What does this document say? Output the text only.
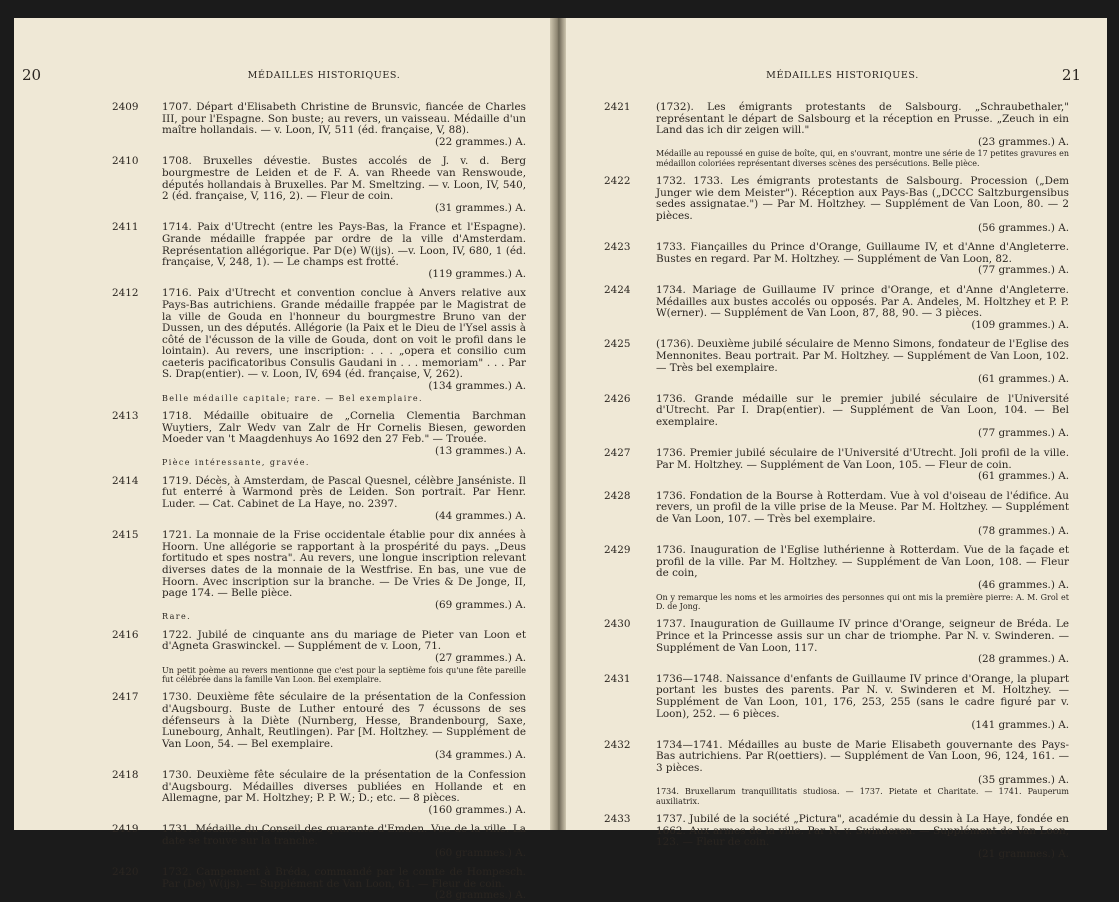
20	MÉDAILLES HISTORIQUES.
2409	1707. Départ d'Elisabeth Christine de Brunsvic, fiancée de Charles III, pour l'Espagne. Son buste; au revers, un vaisseau. Médaille d'un maître hollandais. — v. Loon, IV, 511 (éd. française, V, 88).
(22 grammes.) A.
2410	1708. Bruxelles dévestie. Bustes accolés de J. v. d. Berg bourgmestre de Leiden et de F. A. van Rheede van Renswoude, députés hollandais à Bruxelles. Par M. Smeltzing. — v. Loon, IV, 540, 2 (éd. française, V, 116, 2). — Fleur de coin.
(31 grammes.) A.
2411	1714. Paix d'Utrecht (entre les Pays-Bas, la France et l'Espagne). Grande médaille frappée par ordre de la ville d'Amsterdam. Représentation allégorique. Par D(e) W(ijs). —v. Loon, IV, 680, 1 (éd. française, V, 248, 1). — Le champs est frotté.
(119 grammes.) A.
2412	1716. Paix d'Utrecht et convention conclue à Anvers relative aux Pays-Bas autrichiens. Grande médaille frappée par le Magistrat de la ville de Gouda en l'honneur du bourgmestre Bruno van der Dussen, un des députés. Allégorie (la Paix et le Dieu de l'Ysel assis à côté de l'écusson de la ville de Gouda, dont on voit le profil dans le lointain). Au revers, une inscription: . . . „opera et consilio cum caeteris pacificatoribus Consulis Gaudani in . . . memoriam" . . . Par S. Drap(entier). — v. Loon, IV, 694 (éd. française, V, 262).
(134 grammes.) A.
Belle médaille capitale; rare. — Bel exemplaire.
2413	1718. Médaille obituaire de „Cornelia Clementia Barchman Wuytiers, Zalr Wedv van Zalr de Hr Cornelis Biesen, geworden Moeder van 't Maagdenhuys Ao 1692 den 27 Feb." — Trouée.
(13 grammes.) A.
Pièce intéressante, gravée.
2414	1719. Décès, à Amsterdam, de Pascal Quesnel, célèbre Janséniste. Il fut enterré à Warmond près de Leiden. Son portrait. Par Henr. Luder. — Cat. Cabinet de La Haye, no. 2397.
(44 grammes.) A.
2415	1721. La monnaie de la Frise occidentale établie pour dix années à Hoorn. Une allégorie se rapportant à la prospérité du pays. „Deus fortitudo et spes nostra". Au revers, une longue inscription relevant diverses dates de la monnaie de la Westfrise. En bas, une vue de Hoorn. Avec inscription sur la branche. — De Vries & De Jonge, II, page 174. — Belle pièce.
(69 grammes.) A.
Rare.
2416	1722. Jubilé de cinquante ans du mariage de Pieter van Loon et d'Agneta Graswinckel. — Supplément de v. Loon, 71.
(27 grammes.) A.
Un petit poème au revers mentionne que c'est pour la septième fois qu'une fête pareille fut célébrée dans la famille Van Loon. Bel exemplaire.
2417	1730. Deuxième fête séculaire de la présentation de la Confession d'Augsbourg. Buste de Luther entouré des 7 écussons de ses défenseurs à la Diète (Nurnberg, Hesse, Brandenbourg, Saxe, Lunebourg, Anhalt, Reutlingen). Par [M. Holtzhey. — Supplément de Van Loon, 54. — Bel exemplaire.
(34 grammes.) A.
2418	1730. Deuxième fête séculaire de la présentation de la Confession d'Augsbourg. Médailles diverses publiées en Hollande et en Allemagne, par M. Holtzhey; P. P. W.; D.; etc. — 8 pièces.
(160 grammes.) A.
2419	1731. Médaille du Conseil des quarante d'Emden. Vue de la ville. La date se trouve sur la tranche.
(60 grammes.) A.
2420	1732. Campement à Bréda, commandé par le comte de Hompesch. Par (De) W(ijs). — Supplément de Van Loon, 61. — Fleur de coin.
(28 grammes.) A.
MÉDAILLES HISTORIQUES.	21
2421	(1732). Les émigrants protestants de Salsbourg. „Schraubethaler," représentant le départ de Salsbourg et la réception en Prusse. „Zeuch in ein Land das ich dir zeigen will."
(23 grammes.) A.
Médaille au repoussé en guise de boîte, qui, en s'ouvrant, montre une série de 17 petites gravures en médaillon coloriées représentant diverses scènes des persécutions. Belle pièce.
2422	1732. 1733. Les émigrants protestants de Salsbourg. Procession („Dem Junger wie dem Meister"). Réception aux Pays-Bas („DCCC Saltzburgensibus sedes assignatae.") — Par M. Holtzhey. — Supplément de Van Loon, 80. — 2 pièces.
(56 grammes.) A.
2423	1733. Fiançailles du Prince d'Orange, Guillaume IV, et d'Anne d'Angleterre. Bustes en regard. Par M. Holtzhey. — Supplément de Van Loon, 82.
(77 grammes.) A.
2424	1734. Mariage de Guillaume IV prince d'Orange, et d'Anne d'Angleterre. Médailles aux bustes accolés ou opposés. Par A. Andeles, M. Holtzhey et P. P. W(erner). — Supplément de Van Loon, 87, 88, 90. — 3 pièces.
(109 grammes.) A.
2425	(1736). Deuxième jubilé séculaire de Menno Simons, fondateur de l'Eglise des Mennonites. Beau portrait. Par M. Holtzhey. — Supplément de Van Loon, 102. — Très bel exemplaire.
(61 grammes.) A.
2426	1736. Grande médaille sur le premier jubilé séculaire de l'Université d'Utrecht. Par I. Drap(entier). — Supplément de Van Loon, 104. — Bel exemplaire.
(77 grammes.) A.
2427	1736. Premier jubilé séculaire de l'Université d'Utrecht. Joli profil de la ville. Par M. Holtzhey. — Supplément de Van Loon, 105. — Fleur de coin.
(61 grammes.) A.
2428	1736. Fondation de la Bourse à Rotterdam. Vue à vol d'oiseau de l'édifice. Au revers, un profil de la ville prise de la Meuse. Par M. Holtzhey. — Supplément de Van Loon, 107. — Très bel exemplaire.
(78 grammes.) A.
2429	1736. Inauguration de l'Eglise luthérienne à Rotterdam. Vue de la façade et profil de la ville. Par M. Holtzhey. — Supplément de Van Loon, 108. — Fleur de coin,
(46 grammes.) A.
On y remarque les noms et les armoiries des personnes qui ont mis la première pierre: A. M. Grol et D. de Jong.
2430	1737. Inauguration de Guillaume IV prince d'Orange, seigneur de Bréda. Le Prince et la Princesse assis sur un char de triomphe. Par N. v. Swinderen. — Supplément de Van Loon, 117.
(28 grammes.) A.
2431	1736—1748. Naissance d'enfants de Guillaume IV prince d'Orange, la plupart portant les bustes des parents. Par N. v. Swinderen et M. Holtzhey. — Supplément de Van Loon, 101, 176, 253, 255 (sans le cadre figuré par v. Loon), 252. — 6 pièces.
(141 grammes.) A.
2432	1734—1741. Médailles au buste de Marie Elisabeth gouvernante des Pays-Bas autrichiens. Par R(oettiers). — Supplément de Van Loon, 96, 124, 161. — 3 pièces.
(35 grammes.) A.
1734. Bruxellarum tranquillitatis studiosa. — 1737. Pietate et Charitate. — 1741. Pauperum auxiliatrix.
2433	1737. Jubilé de la société „Pictura", académie du dessin à La Haye, fondée en 1662. Aux armes de la ville. Par N. v. Swinderen. — Supplément de Van Loon, 123. — Fleur de coin.
(21 grammes.) A.
